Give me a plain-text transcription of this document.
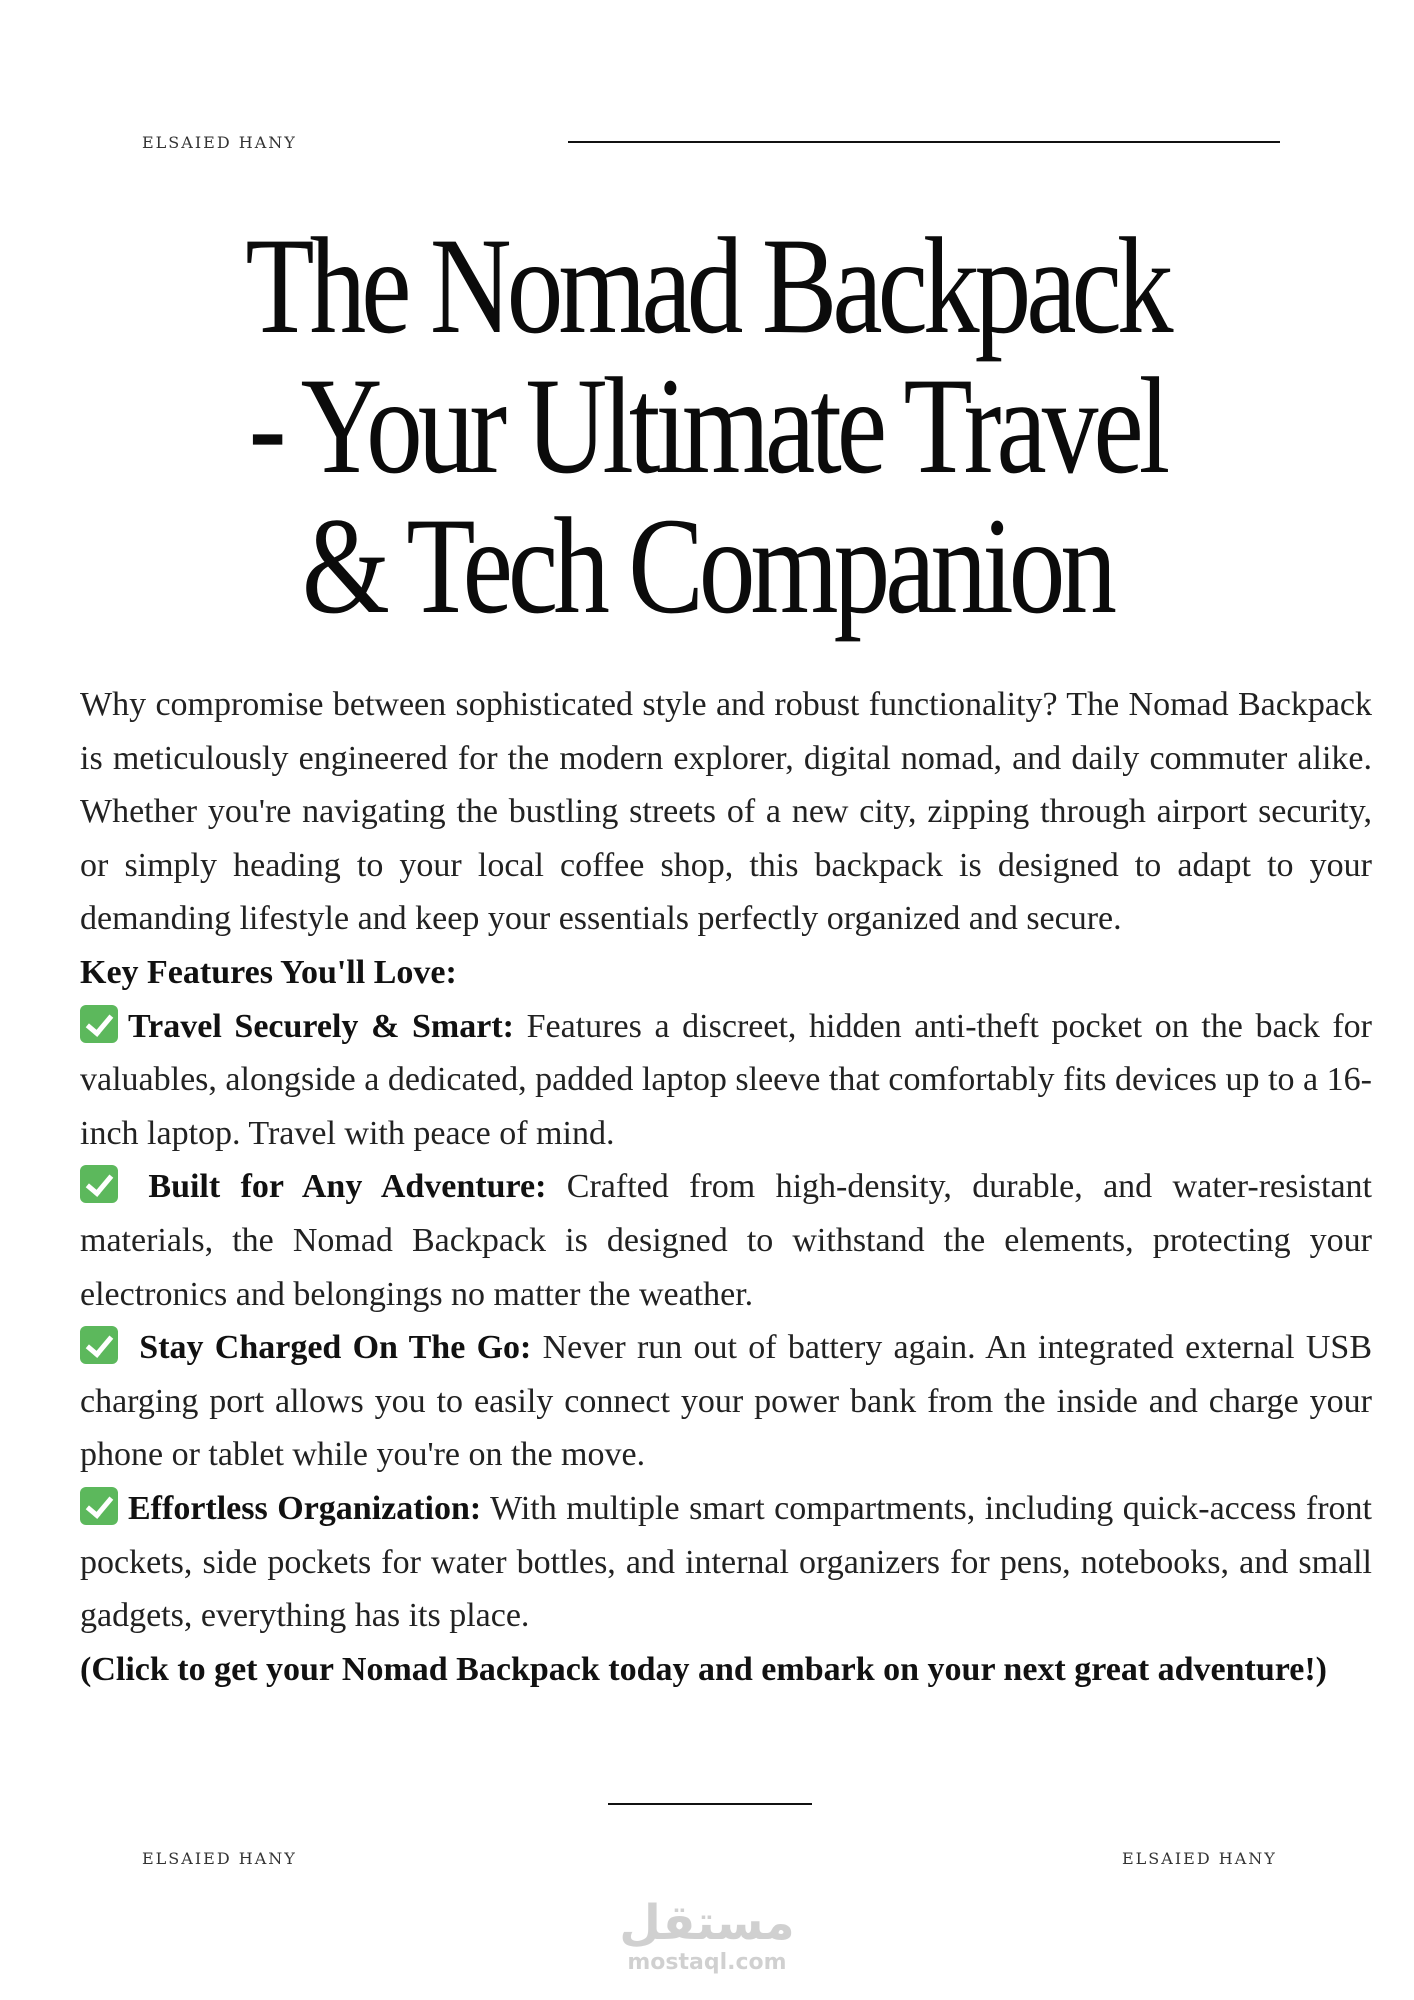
ELSAIED HANY
The Nomad Backpack - Your Ultimate Travel & Tech Companion

Why compromise between sophisticated style and robust functionality? The Nomad Backpack is meticulously engineered for the modern explorer, digital nomad, and daily commuter alike. Whether you're navigating the bustling streets of a new city, zipping through airport security, or simply heading to your local coffee shop, this backpack is designed to adapt to your demanding lifestyle and keep your essentials perfectly organized and secure.

Key Features You'll Love:

Travel Securely & Smart: Features a discreet, hidden anti-theft pocket on the back for valuables, alongside a dedicated, padded laptop sleeve that comfortably fits devices up to a 16-inch laptop. Travel with peace of mind.

Built for Any Adventure: Crafted from high-density, durable, and water-resistant materials, the Nomad Backpack is designed to withstand the elements, protecting your electronics and belongings no matter the weather.

Stay Charged On The Go: Never run out of battery again. An integrated external USB charging port allows you to easily connect your power bank from the inside and charge your phone or tablet while you're on the move.

Effortless Organization: With multiple smart compartments, including quick-access front pockets, side pockets for water bottles, and internal organizers for pens, notebooks, and small gadgets, everything has its place.

(Click to get your Nomad Backpack today and embark on your next great adventure!)

ELSAIED HANY	ELSAIED HANY
مستقل
mostaql.com
